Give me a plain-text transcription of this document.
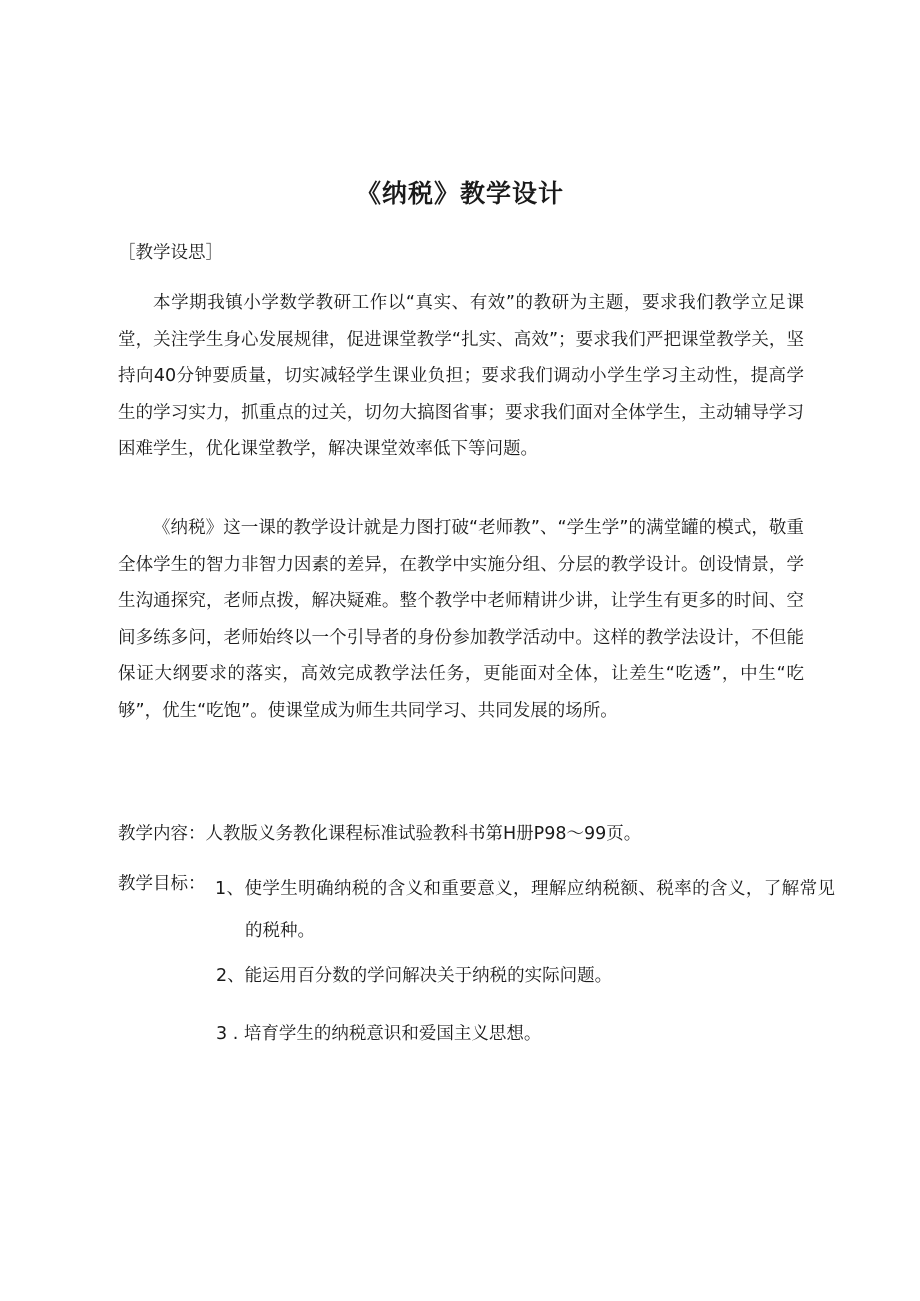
《纳税》教学设计
［教学设思］
本学期我镇小学数学教研工作以“真实、有效”的教研为主题，要求我们教学立足课堂，关注学生身心发展规律，促进课堂教学“扎实、高效”；要求我们严把课堂教学关，坚持向40分钟要质量，切实减轻学生课业负担；要求我们调动小学生学习主动性，提高学生的学习实力，抓重点的过关，切勿大搞图省事；要求我们面对全体学生，主动辅导学习困难学生，优化课堂教学，解决课堂效率低下等问题。
《纳税》这一课的教学设计就是力图打破“老师教”、“学生学”的满堂罐的模式，敬重全体学生的智力非智力因素的差异，在教学中实施分组、分层的教学设计。创设情景，学生沟通探究，老师点拨，解决疑难。整个教学中老师精讲少讲，让学生有更多的时间、空间多练多问，老师始终以一个引导者的身份参加教学活动中。这样的教学法设计，不但能保证大纲要求的落实，高效完成教学法任务，更能面对全体，让差生“吃透”，中生“吃够”，优生“吃饱”。使课堂成为师生共同学习、共同发展的场所。
教学内容：人教版义务教化课程标准试验教科书第H册P98～99页。
教学目标： 1、使学生明确纳税的含义和重要意义，理解应纳税额、税率的含义，了解常见的税种。
2、能运用百分数的学问解决关于纳税的实际问题。
3 . 培育学生的纳税意识和爱国主义思想。
